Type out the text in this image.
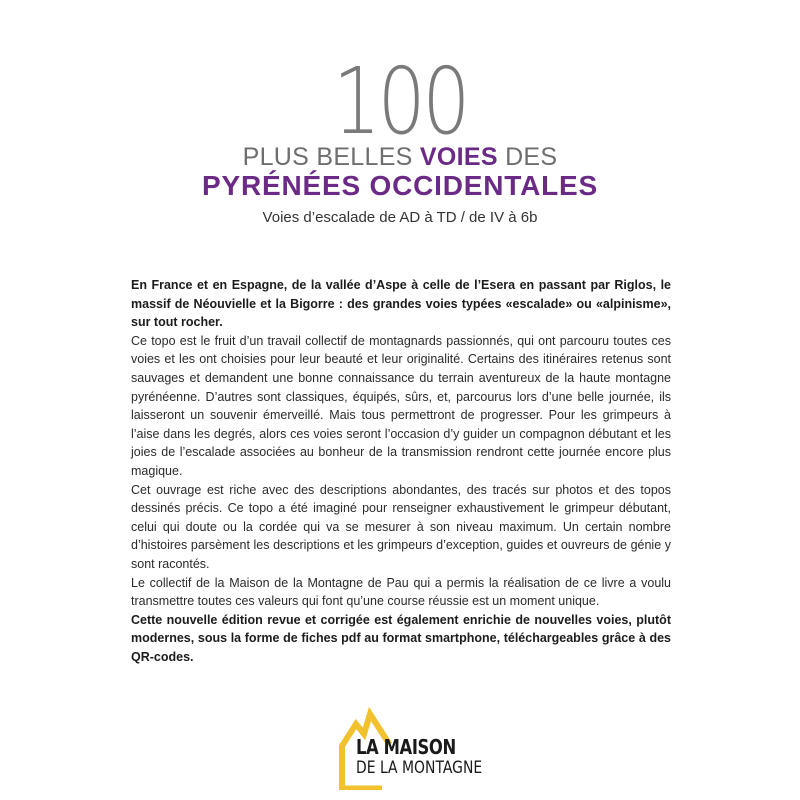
100
PLUS BELLES VOIES DES
PYRÉNÉES OCCIDENTALES
Voies d’escalade de AD à TD / de IV à 6b

En France et en Espagne, de la vallée d’Aspe à celle de l’Esera en passant par Riglos, le massif de Néouvielle et la Bigorre : des grandes voies typées «escalade» ou «alpinisme», sur tout rocher.

Ce topo est le fruit d’un travail collectif de montagnards passionnés, qui ont parcouru toutes ces voies et les ont choisies pour leur beauté et leur originalité. Certains des itinéraires retenus sont sauvages et demandent une bonne connaissance du terrain aventureux de la haute montagne pyrénéenne. D’autres sont classiques, équipés, sûrs, et, parcourus lors d’une belle journée, ils laisseront un souvenir émerveillé. Mais tous permettront de progresser. Pour les grimpeurs à l’aise dans les degrés, alors ces voies seront l’occasion d’y guider un compagnon débutant et les joies de l’escalade associées au bonheur de la transmission rendront cette journée encore plus magique.

Cet ouvrage est riche avec des descriptions abondantes, des tracés sur photos et des topos dessinés précis. Ce topo a été imaginé pour renseigner exhaustivement le grimpeur débutant, celui qui doute ou la cordée qui va se mesurer à son niveau maximum. Un certain nombre d’histoires parsèment les descriptions et les grimpeurs d’exception, guides et ouvreurs de génie y sont racontés.

Le collectif de la Maison de la Montagne de Pau qui a permis la réalisation de ce livre a voulu transmettre toutes ces valeurs qui font qu’une course réussie est un moment unique.

Cette nouvelle édition revue et corrigée est également enrichie de nouvelles voies, plutôt modernes, sous la forme de fiches pdf au format smartphone, téléchargeables grâce à des QR-codes.

LA MAISON
DE LA MONTAGNE
